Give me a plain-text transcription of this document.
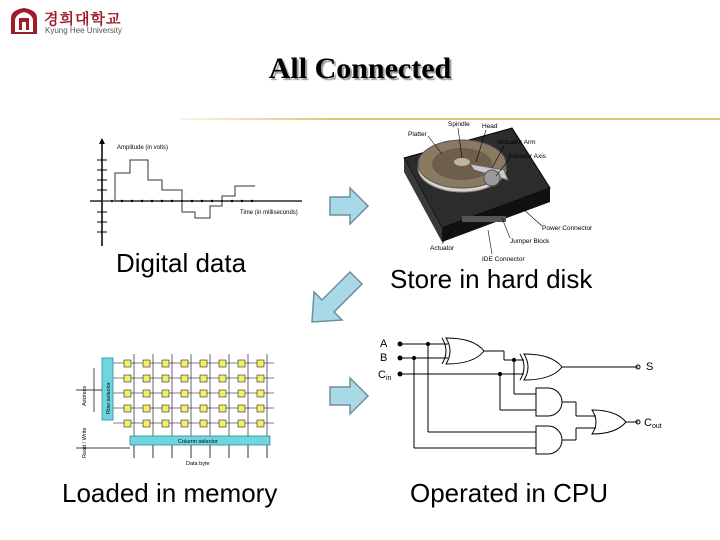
경희대학교
Kyung Hee University
All Connected
Amplitude (in volts)
Time (in milliseconds)
Digital data
Spindle Head
Platter
Actuator Arm
Actuator Axis
Power Connector
Jumper Block
Actuator
IDE Connector
Store in hard disk
Row selector
Address
Read / Write	Column selector
Data byte
Loaded in memory
A
B
Cin
S
Cout
Operated in CPU
